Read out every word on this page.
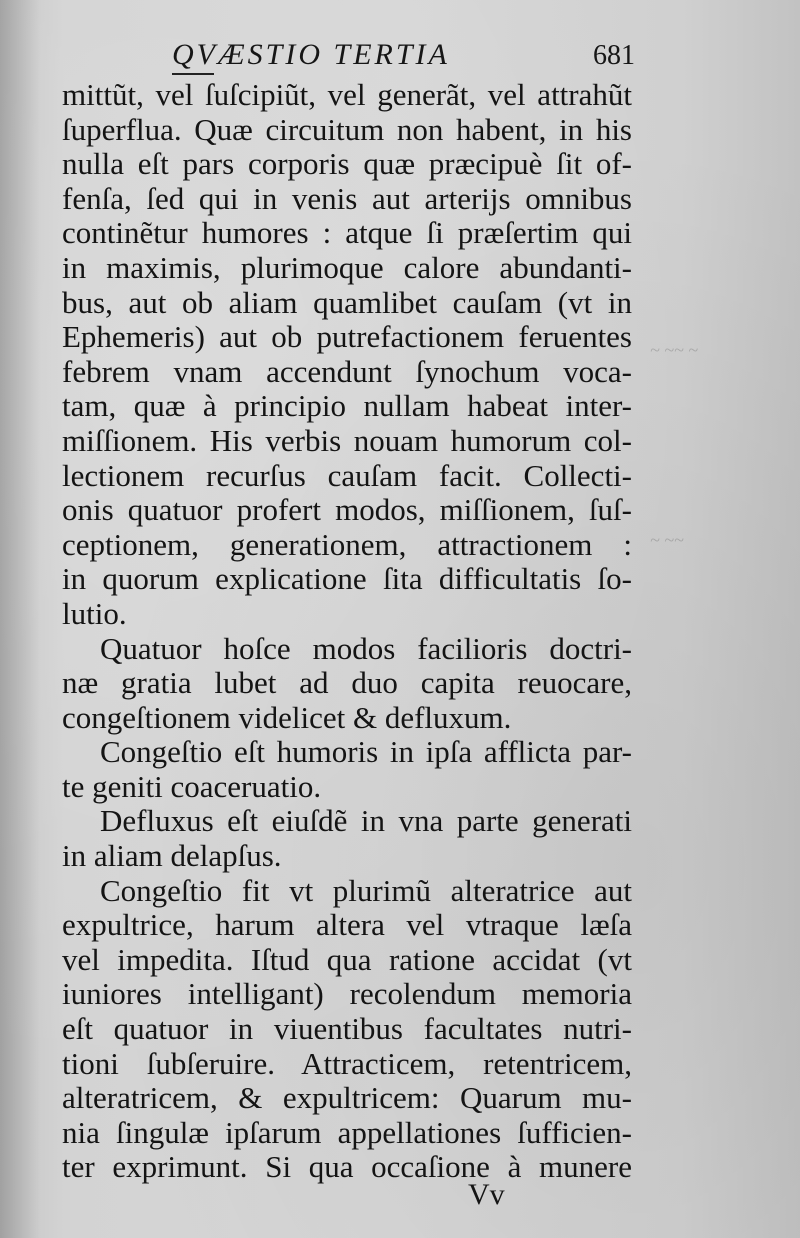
~ ~~ ~
~ ~~
QVÆSTIO TERTIA	681
mittũt, vel ſuſcipiũt, vel generãt, vel attrahũt
ſuperflua. Quæ circuitum non habent, in his
nulla eſt pars corporis quæ præcipuè ſit of-
fenſa, ſed qui in venis aut arterijs omnibus
continẽtur humores : atque ſi præſertim qui
in maximis, plurimoque calore abundanti-
bus, aut ob aliam quamlibet cauſam (vt in
Ephemeris) aut ob putrefactionem feruentes
febrem vnam accendunt ſynochum voca-
tam, quæ à principio nullam habeat inter-
miſſionem. His verbis nouam humorum col-
lectionem recurſus cauſam facit. Collecti-
onis quatuor profert modos, miſſionem, ſuſ-
ceptionem, generationem, attractionem :
in quorum explicatione ſita difficultatis ſo-
lutio.
Quatuor hoſce modos facilioris doctri-
næ gratia lubet ad duo capita reuocare,
congeſtionem videlicet & defluxum.
Congeſtio eſt humoris in ipſa afflicta par-
te geniti coaceruatio.
Defluxus eſt eiuſdẽ in vna parte generati
in aliam delapſus.
Congeſtio fit vt plurimũ alteratrice aut
expultrice, harum altera vel vtraque læſa
vel impedita. Iſtud qua ratione accidat (vt
iuniores intelligant) recolendum memoria
eſt quatuor in viuentibus facultates nutri-
tioni ſubſeruire. Attracticem, retentricem,
alteratricem, & expultricem: Quarum mu-
nia ſingulæ ipſarum appellationes ſufficien-
ter exprimunt. Si qua occaſione à munere
Vv
